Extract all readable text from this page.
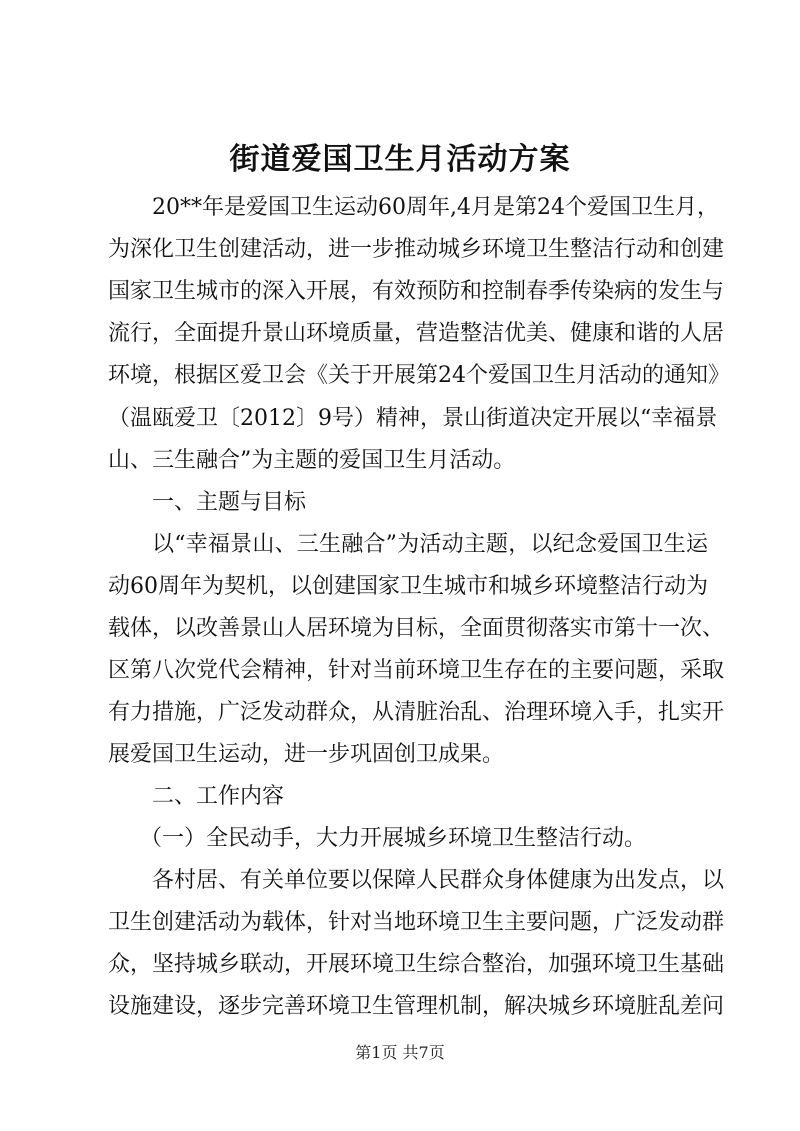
街道爱国卫生月活动方案
20**年是爱国卫生运动60周年,4月是第24个爱国卫生月，
为深化卫生创建活动，进一步推动城乡环境卫生整洁行动和创建
国家卫生城市的深入开展，有效预防和控制春季传染病的发生与
流行，全面提升景山环境质量，营造整洁优美、健康和谐的人居
环境，根据区爱卫会《关于开展第24个爱国卫生月活动的通知》
（温瓯爱卫〔2012〕9号）精神，景山街道决定开展以“幸福景
山、三生融合”为主题的爱国卫生月活动。
一、主题与目标
以“幸福景山、三生融合”为活动主题，以纪念爱国卫生运
动60周年为契机，以创建国家卫生城市和城乡环境整洁行动为
载体，以改善景山人居环境为目标，全面贯彻落实市第十一次、
区第八次党代会精神，针对当前环境卫生存在的主要问题，采取
有力措施，广泛发动群众，从清脏治乱、治理环境入手，扎实开
展爱国卫生运动，进一步巩固创卫成果。
二、工作内容
（一）全民动手，大力开展城乡环境卫生整洁行动。
各村居、有关单位要以保障人民群众身体健康为出发点，以
卫生创建活动为载体，针对当地环境卫生主要问题，广泛发动群
众，坚持城乡联动，开展环境卫生综合整治，加强环境卫生基础
设施建设，逐步完善环境卫生管理机制，解决城乡环境脏乱差问
第1页 共7页
